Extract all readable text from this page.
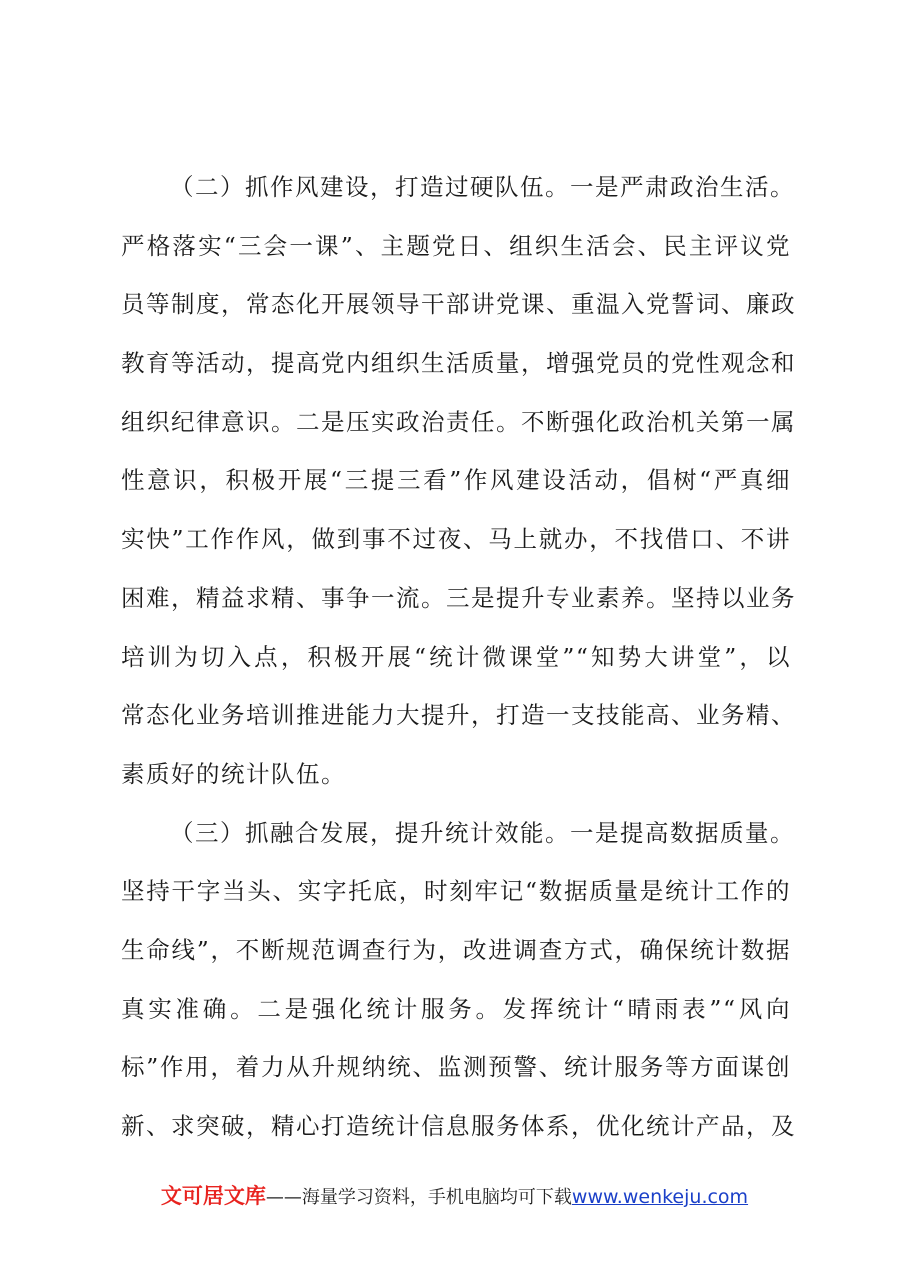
（二）抓作风建设，打造过硬队伍。一是严肃政治生活。
严格落实“三会一课”、主题党日、组织生活会、民主评议党
员等制度，常态化开展领导干部讲党课、重温入党誓词、廉政
教育等活动，提高党内组织生活质量，增强党员的党性观念和
组织纪律意识。二是压实政治责任。不断强化政治机关第一属
性意识，积极开展“三提三看”作风建设活动，倡树“严真细
实快”工作作风，做到事不过夜、马上就办，不找借口、不讲
困难，精益求精、事争一流。三是提升专业素养。坚持以业务
培训为切入点，积极开展“统计微课堂”“知势大讲堂”，以
常态化业务培训推进能力大提升，打造一支技能高、业务精、
素质好的统计队伍。
（三）抓融合发展，提升统计效能。一是提高数据质量。
坚持干字当头、实字托底，时刻牢记“数据质量是统计工作的
生命线”，不断规范调查行为，改进调查方式，确保统计数据
真实准确。二是强化统计服务。发挥统计“晴雨表”“风向
标”作用，着力从升规纳统、监测预警、统计服务等方面谋创
新、求突破，精心打造统计信息服务体系，优化统计产品，及
文可居文库——海量学习资料，手机电脑均可下载www.wenkeju.com
